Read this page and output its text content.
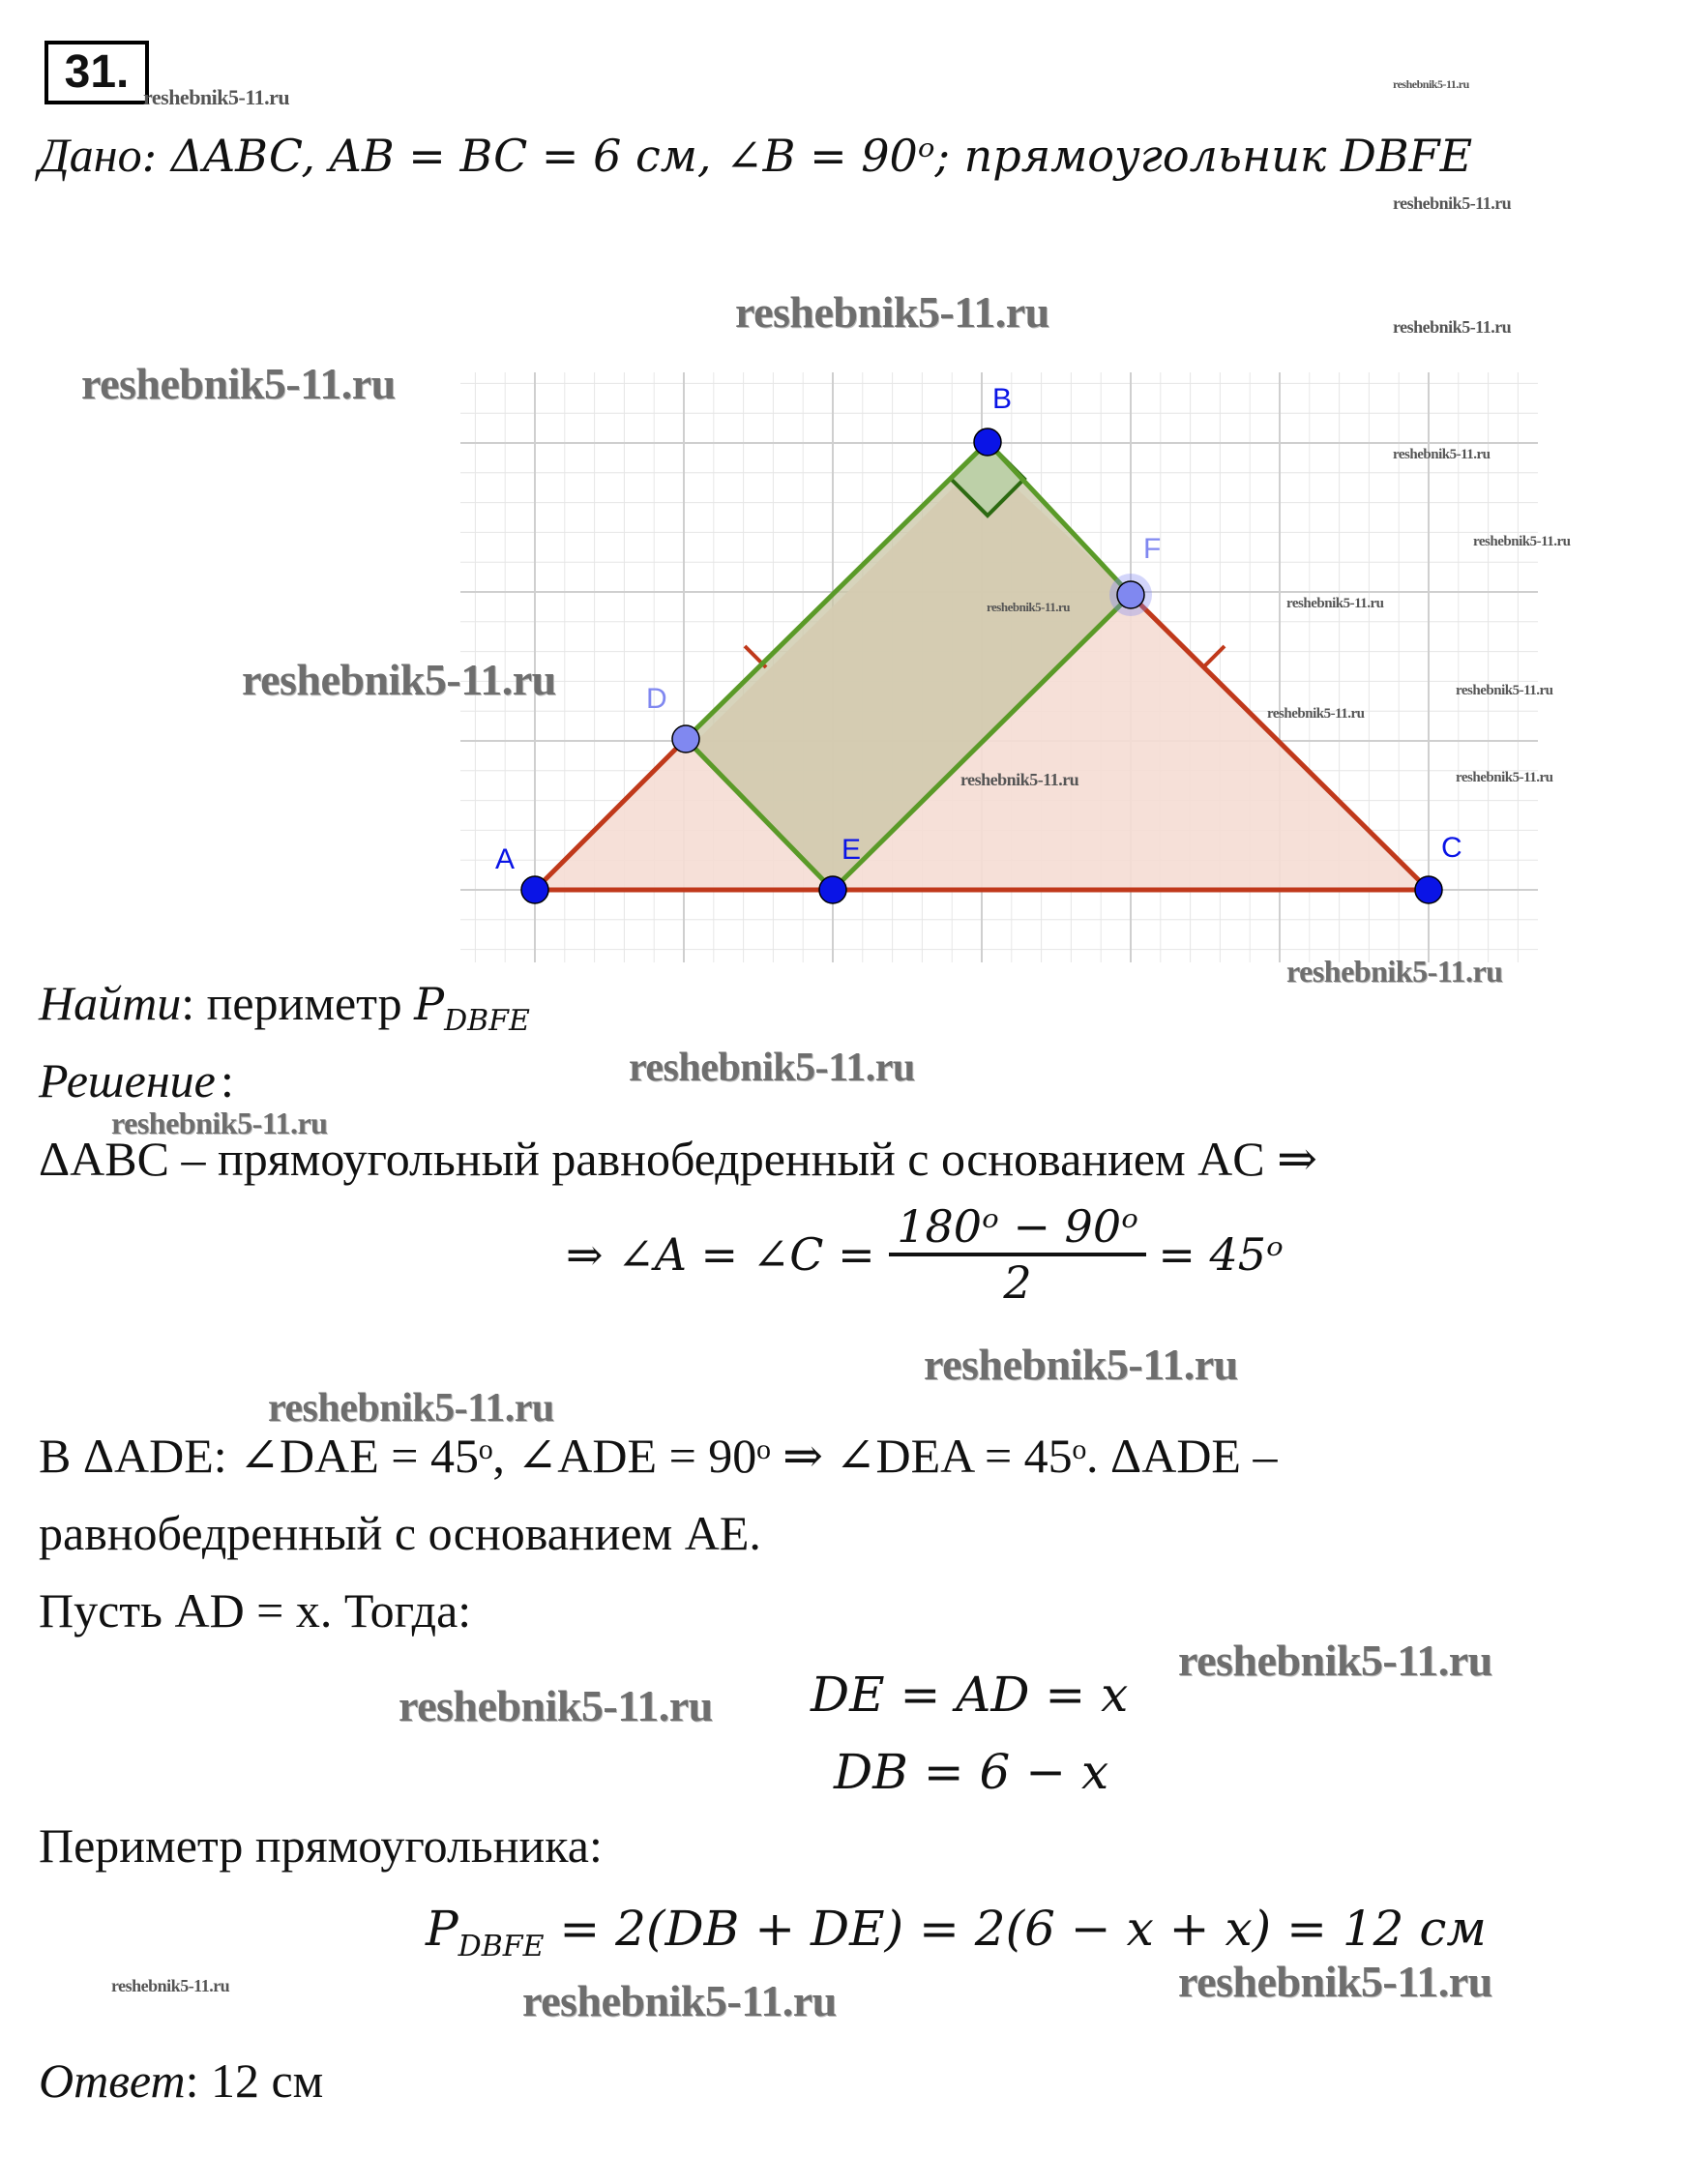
31.
Дано: ΔABC, AB = BC = 6 см, ∠B = 90ᵒ; прямоугольник DBFE
A
B
C
D
E
F
Найти: периметр $P_{DBFE}$
Решение :
ΔABC – прямоугольный равнобедренный с основанием AC ⇒
⇒ ∠A = ∠C = $\frac{\text{180ᵒ − 90ᵒ}}{2}$ = 45ᵒ
В ΔADE: ∠DAE = 45ᵒ, ∠ADE = 90ᵒ ⇒ ∠DEA = 45ᵒ. ΔADE –
равнобедренный с основанием AE.
Пусть AD = x. Тогда:
DE = AD = x
DB = 6 − x
Периметр прямоугольника:
$P_{DBFE} = 2(DB + DE) = 2(6 - x + x) = 12$ см
Ответ: 12 см
reshebnik5-11.ru
reshebnik5-11.ru
reshebnik5-11.ru
reshebnik5-11.ru	reshebnik5-11.ru
reshebnik5-11.ru
reshebnik5-11.ru
reshebnik5-11.ru
reshebnik5-11.ru	reshebnik5-11.ru
reshebnik5-11.ru	reshebnik5-11.ru
reshebnik5-11.ru
reshebnik5-11.ru	reshebnik5-11.ru
reshebnik5-11.ru
reshebnik5-11.ru
reshebnik5-11.ru
reshebnik5-11.ru
reshebnik5-11.ru
reshebnik5-11.ru
reshebnik5-11.ru
reshebnik5-11.ru	reshebnik5-11.ru
reshebnik5-11.ru
